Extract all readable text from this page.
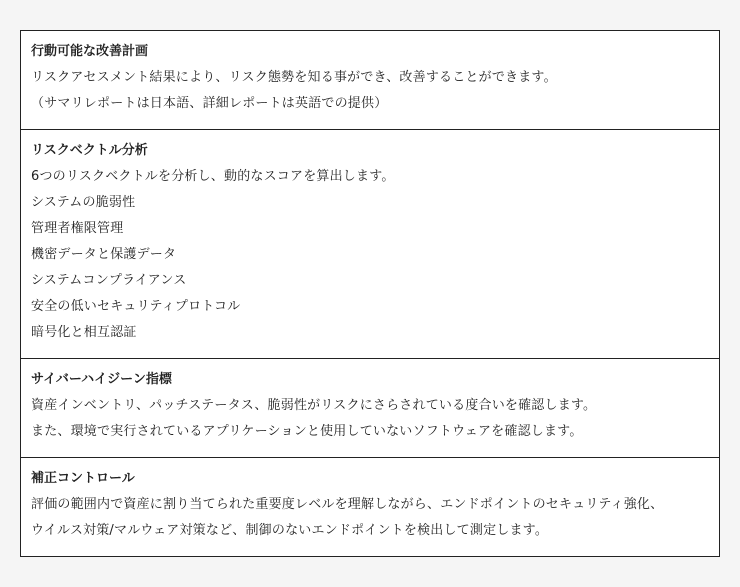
行動可能な改善計画
リスクアセスメント結果により、リスク態勢を知る事ができ、改善することができます。
（サマリレポートは日本語、詳細レポートは英語での提供）
リスクベクトル分析
6つのリスクベクトルを分析し、動的なスコアを算出します。
システムの脆弱性
管理者権限管理
機密データと保護データ
システムコンプライアンス
安全の低いセキュリティプロトコル
暗号化と相互認証
サイバーハイジーン指標
資産インベントリ、パッチステータス、脆弱性がリスクにさらされている度合いを確認します。
また、環境で実行されているアプリケーションと使用していないソフトウェアを確認します。
補正コントロール
評価の範囲内で資産に割り当てられた重要度レベルを理解しながら、エンドポイントのセキュリティ強化、
ウイルス対策/マルウェア対策など、制御のないエンドポイントを検出して測定します。
